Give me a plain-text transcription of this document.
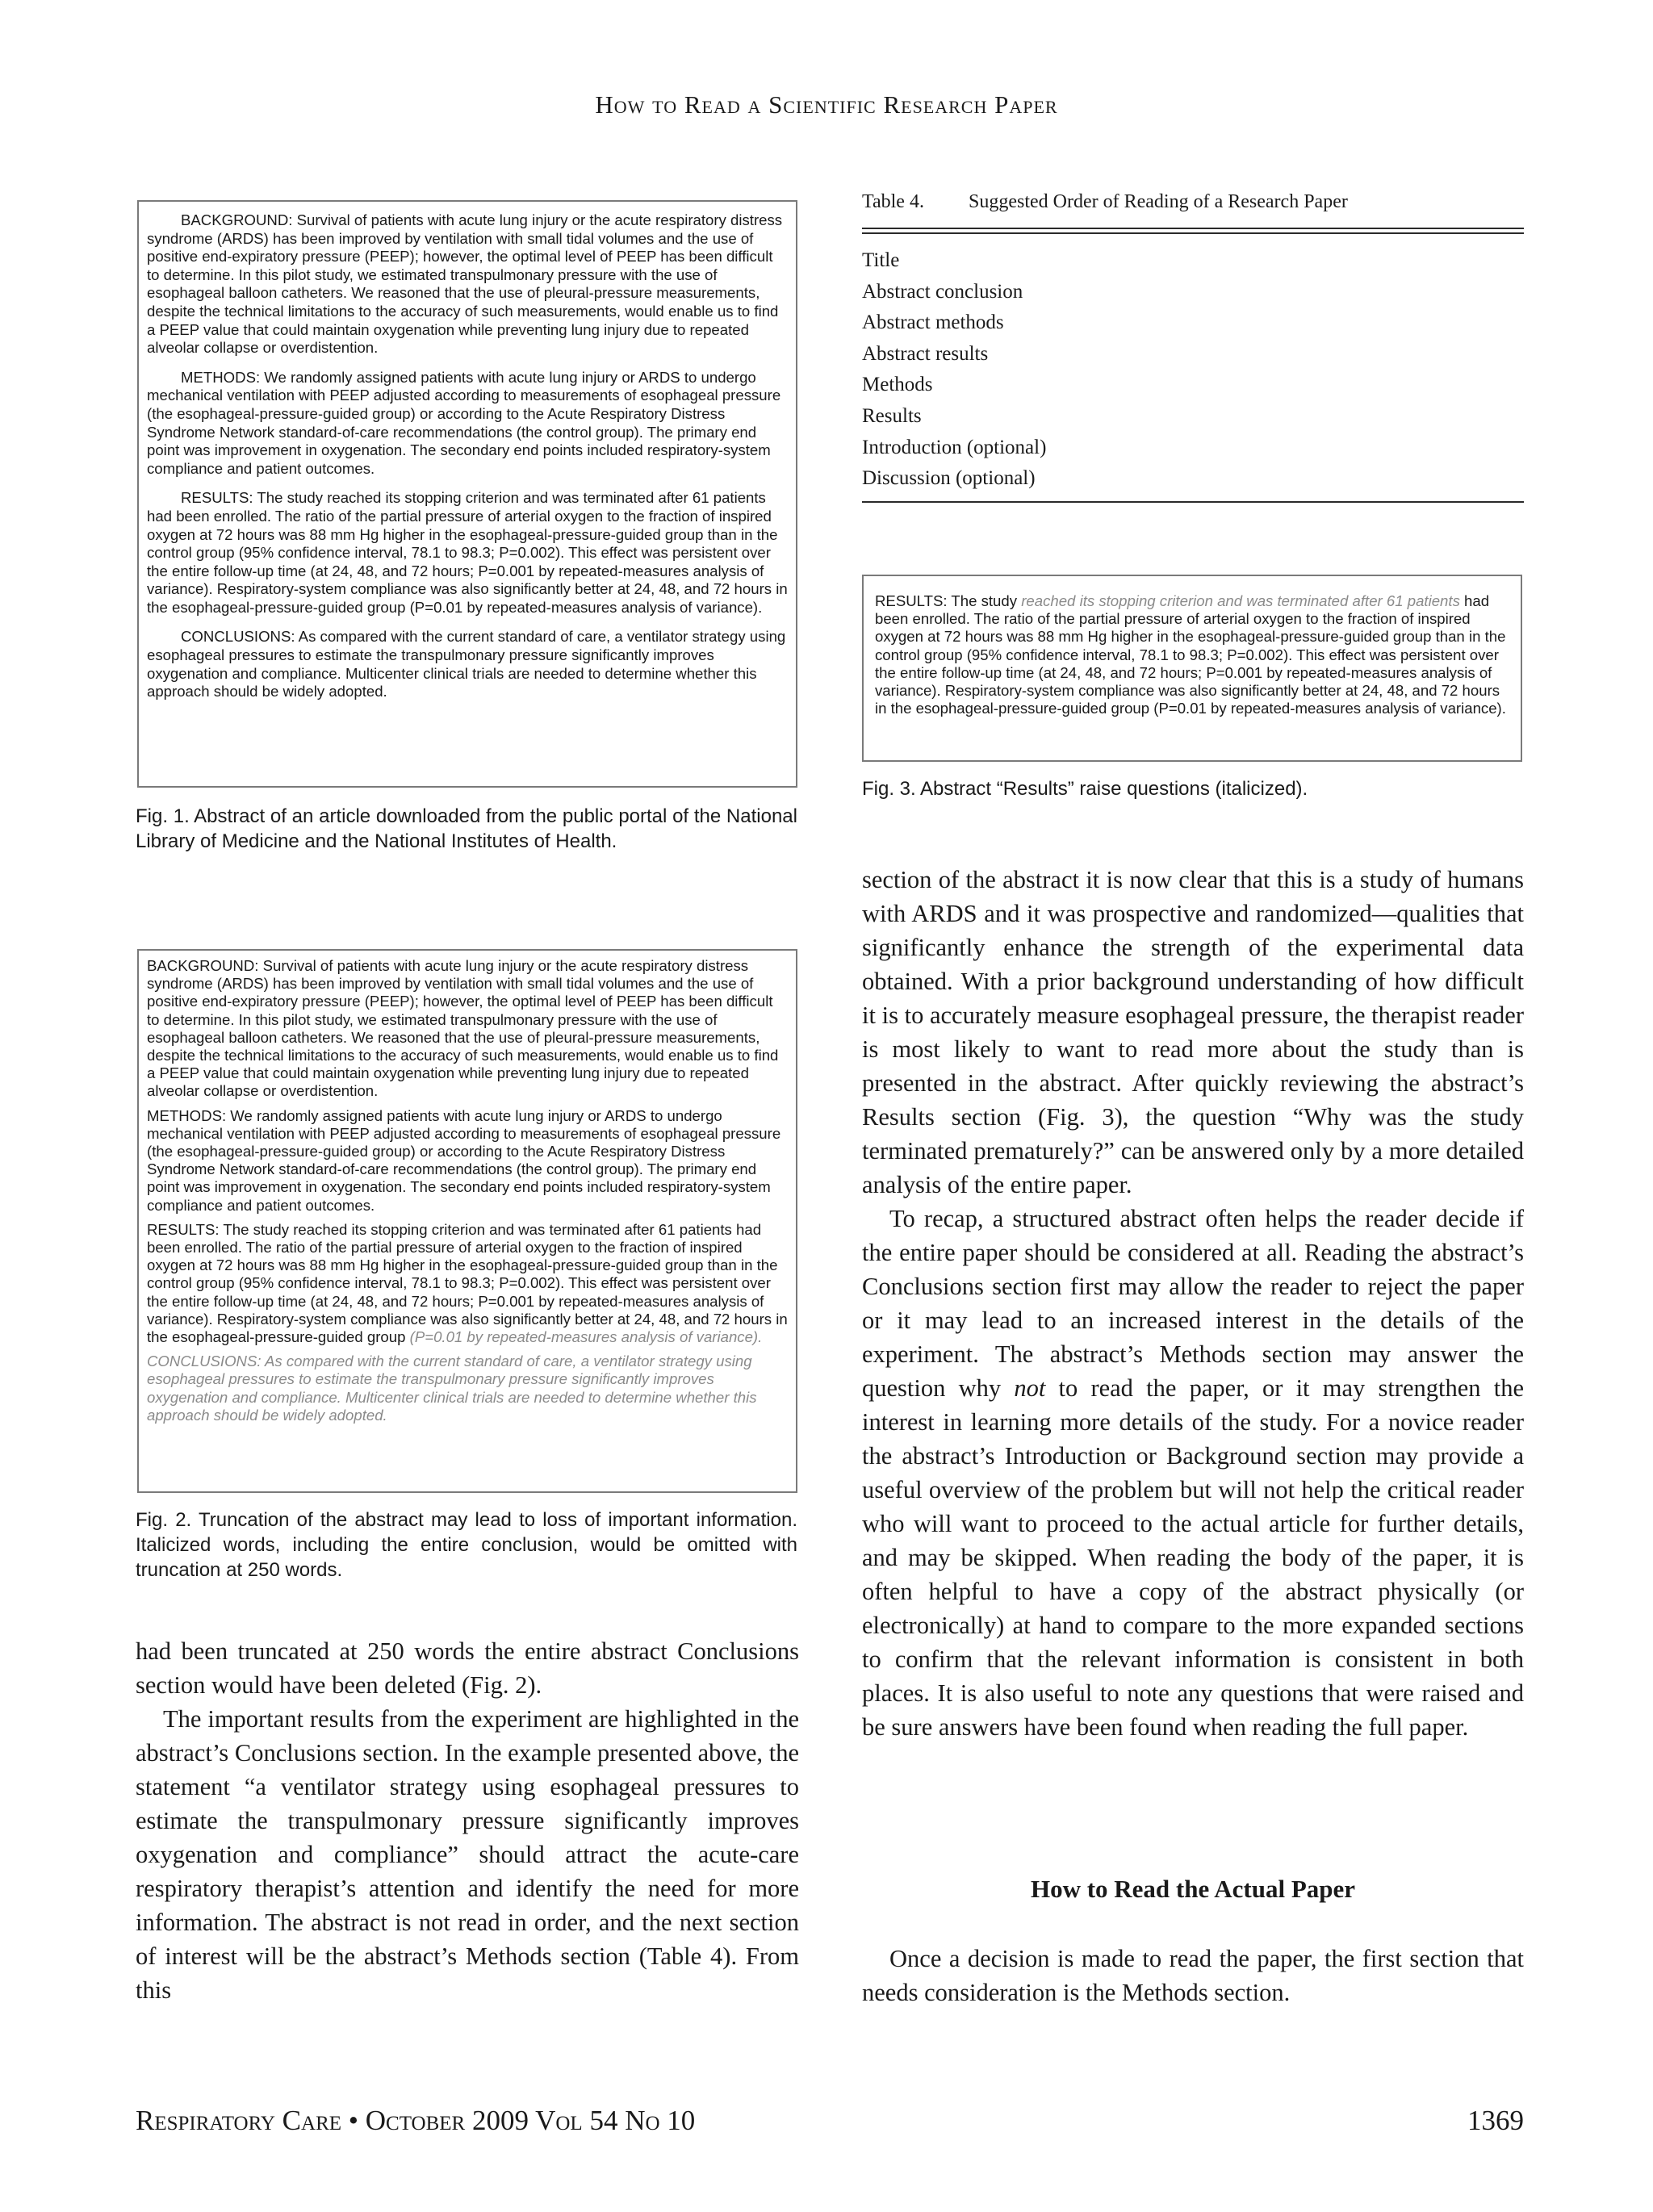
How to Read a Scientific Research Paper

BACKGROUND: Survival of patients with acute lung injury or the acute respiratory distress syndrome (ARDS) has been improved by ventilation with small tidal volumes and the use of positive end-expiratory pressure (PEEP); however, the optimal level of PEEP has been difficult to determine. In this pilot study, we estimated transpulmonary pressure with the use of esophageal balloon catheters. We reasoned that the use of pleural-pressure measurements, despite the technical limitations to the accuracy of such measurements, would enable us to find a PEEP value that could maintain oxygenation while preventing lung injury due to repeated alveolar collapse or overdistention.

METHODS: We randomly assigned patients with acute lung injury or ARDS to undergo mechanical ventilation with PEEP adjusted according to measurements of esophageal pressure (the esophageal-pressure-guided group) or according to the Acute Respiratory Distress Syndrome Network standard-of-care recommendations (the control group). The primary end point was improvement in oxygenation. The secondary end points included respiratory-system compliance and patient outcomes.

RESULTS: The study reached its stopping criterion and was terminated after 61 patients had been enrolled. The ratio of the partial pressure of arterial oxygen to the fraction of inspired oxygen at 72 hours was 88 mm Hg higher in the esophageal-pressure-guided group than in the control group (95% confidence interval, 78.1 to 98.3; P=0.002). This effect was persistent over the entire follow-up time (at 24, 48, and 72 hours; P=0.001 by repeated-measures analysis of variance). Respiratory-system compliance was also significantly better at 24, 48, and 72 hours in the esophageal-pressure-guided group (P=0.01 by repeated-measures analysis of variance).

CONCLUSIONS: As compared with the current standard of care, a ventilator strategy using esophageal pressures to estimate the transpulmonary pressure significantly improves oxygenation and compliance. Multicenter clinical trials are needed to determine whether this approach should be widely adopted.

Fig. 1. Abstract of an article downloaded from the public portal of the National Library of Medicine and the National Institutes of Health.

BACKGROUND: Survival of patients with acute lung injury or the acute respiratory distress syndrome (ARDS) has been improved by ventilation with small tidal volumes and the use of positive end-expiratory pressure (PEEP); however, the optimal level of PEEP has been difficult to determine. In this pilot study, we estimated transpulmonary pressure with the use of esophageal balloon catheters. We reasoned that the use of pleural-pressure measurements, despite the technical limitations to the accuracy of such measurements, would enable us to find a PEEP value that could maintain oxygenation while preventing lung injury due to repeated alveolar collapse or overdistention.

METHODS: We randomly assigned patients with acute lung injury or ARDS to undergo mechanical ventilation with PEEP adjusted according to measurements of esophageal pressure (the esophageal-pressure-guided group) or according to the Acute Respiratory Distress Syndrome Network standard-of-care recommendations (the control group). The primary end point was improvement in oxygenation. The secondary end points included respiratory-system compliance and patient outcomes.

RESULTS: The study reached its stopping criterion and was terminated after 61 patients had been enrolled. The ratio of the partial pressure of arterial oxygen to the fraction of inspired oxygen at 72 hours was 88 mm Hg higher in the esophageal-pressure-guided group than in the control group (95% confidence interval, 78.1 to 98.3; P=0.002). This effect was persistent over the entire follow-up time (at 24, 48, and 72 hours; P=0.001 by repeated-measures analysis of variance). Respiratory-system compliance was also significantly better at 24, 48, and 72 hours in the esophageal-pressure-guided group (P=0.01 by repeated-measures analysis of variance).

CONCLUSIONS: As compared with the current standard of care, a ventilator strategy using esophageal pressures to estimate the transpulmonary pressure significantly improves oxygenation and compliance. Multicenter clinical trials are needed to determine whether this approach should be widely adopted.

Fig. 2. Truncation of the abstract may lead to loss of important information. Italicized words, including the entire conclusion, would be omitted with truncation at 250 words.
Table 4. Suggested Order of Reading of a Research Paper
Title
Abstract conclusion
Abstract methods
Abstract results
Methods
Results
Introduction (optional)
Discussion (optional)

RESULTS: The study reached its stopping criterion and was terminated after 61 patients had been enrolled. The ratio of the partial pressure of arterial oxygen to the fraction of inspired oxygen at 72 hours was 88 mm Hg higher in the esophageal-pressure-guided group than in the control group (95% confidence interval, 78.1 to 98.3; P=0.002). This effect was persistent over the entire follow-up time (at 24, 48, and 72 hours; P=0.001 by repeated-measures analysis of variance). Respiratory-system compliance was also significantly better at 24, 48, and 72 hours in the esophageal-pressure-guided group (P=0.01 by repeated-measures analysis of variance).

Fig. 3. Abstract “Results” raise questions (italicized).

had been truncated at 250 words the entire abstract Conclusions section would have been deleted (Fig. 2).

The important results from the experiment are highlighted in the abstract’s Conclusions section. In the example presented above, the statement “a ventilator strategy using esophageal pressures to estimate the transpulmonary pressure significantly improves oxygenation and compliance” should attract the acute-care respiratory therapist’s attention and identify the need for more information. The abstract is not read in order, and the next section of interest will be the abstract’s Methods section (Table 4). From this

section of the abstract it is now clear that this is a study of humans with ARDS and it was prospective and randomized—qualities that significantly enhance the strength of the experimental data obtained. With a prior background understanding of how difficult it is to accurately measure esophageal pressure, the therapist reader is most likely to want to read more about the study than is presented in the abstract. After quickly reviewing the abstract’s Results section (Fig. 3), the question “Why was the study terminated prematurely?” can be answered only by a more detailed analysis of the entire paper.

To recap, a structured abstract often helps the reader decide if the entire paper should be considered at all. Reading the abstract’s Conclusions section first may allow the reader to reject the paper or it may lead to an increased interest in the details of the experiment. The abstract’s Methods section may answer the question why not to read the paper, or it may strengthen the interest in learning more details of the study. For a novice reader the abstract’s Introduction or Background section may provide a useful overview of the problem but will not help the critical reader who will want to proceed to the actual article for further details, and may be skipped. When reading the body of the paper, it is often helpful to have a copy of the abstract physically (or electronically) at hand to compare to the more expanded sections to confirm that the relevant information is consistent in both places. It is also useful to note any questions that were raised and be sure answers have been found when reading the full paper.

How to Read the Actual Paper

Once a decision is made to read the paper, the first section that needs consideration is the Methods section.

Respiratory Care • October 2009 Vol 54 No 10	1369
